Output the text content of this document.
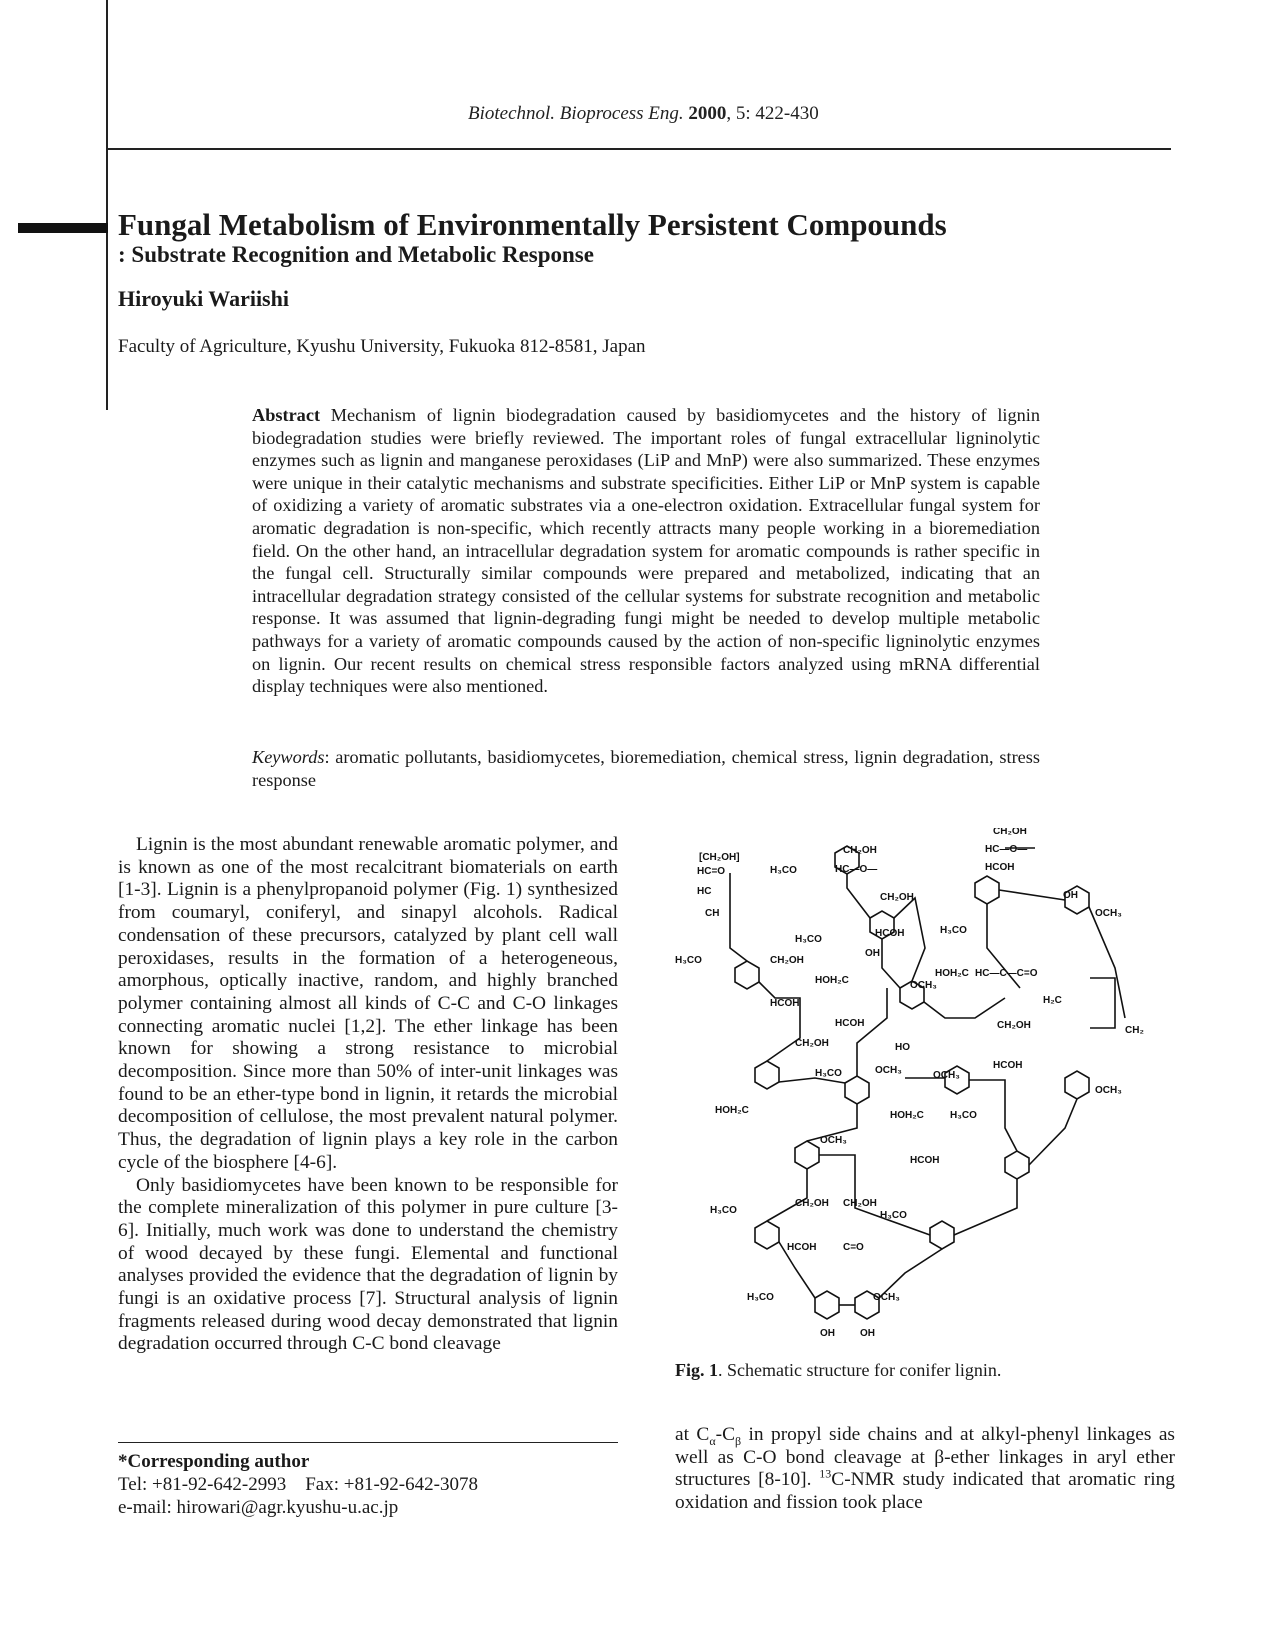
Biotechnol. Bioprocess Eng. 2000, 5: 422-430
Fungal Metabolism of Environmentally Persistent Compounds
: Substrate Recognition and Metabolic Response
Hiroyuki Wariishi
Faculty of Agriculture, Kyushu University, Fukuoka 812-8581, Japan

Abstract Mechanism of lignin biodegradation caused by basidiomycetes and the history of lignin biodegradation studies were briefly reviewed. The important roles of fungal extracellular ligninolytic enzymes such as lignin and manganese peroxidases (LiP and MnP) were also summarized. These enzymes were unique in their catalytic mechanisms and substrate specificities. Either LiP or MnP system is capable of oxidizing a variety of aromatic substrates via a one-electron oxidation. Extracellular fungal system for aromatic degradation is non-specific, which recently attracts many people working in a bioremediation field. On the other hand, an intracellular degradation system for aromatic compounds is rather specific in the fungal cell. Structurally similar compounds were prepared and metabolized, indicating that an intracellular degradation strategy consisted of the cellular systems for substrate recognition and metabolic response. It was assumed that lignin-degrading fungi might be needed to develop multiple metabolic pathways for a variety of aromatic compounds caused by the action of non-specific ligninolytic enzymes on lignin. Our recent results on chemical stress responsible factors analyzed using mRNA differential display techniques were also mentioned.

Keywords: aromatic pollutants, basidiomycetes, bioremediation, chemical stress, lignin degradation, stress response

Lignin is the most abundant renewable aromatic polymer, and is known as one of the most recalcitrant biomaterials on earth [1-3]. Lignin is a phenylpropanoid polymer (Fig. 1) synthesized from coumaryl, coniferyl, and sinapyl alcohols. Radical condensation of these precursors, catalyzed by plant cell wall peroxidases, results in the formation of a heterogeneous, amorphous, optically inactive, random, and highly branched polymer containing almost all kinds of C-C and C-O linkages connecting aromatic nuclei [1,2]. The ether linkage has been known for showing a strong resistance to microbial decomposition. Since more than 50% of inter-unit linkages was found to be an ether-type bond in lignin, it retards the microbial decomposition of cellulose, the most prevalent natural polymer. Thus, the degradation of lignin plays a key role in the carbon cycle of the biosphere [4-6].

Only basidiomycetes have been known to be responsible for the complete mineralization of this polymer in pure culture [3-6]. Initially, much work was done to understand the chemistry of wood decayed by these fungi. Elemental and functional analyses provided the evidence that the degradation of lignin by fungi is an oxidative process [7]. Structural analysis of lignin fragments released during wood decay demonstrated that lignin degradation occurred through C-C bond cleavage

*Corresponding author
Tel: +81-92-642-2993    Fax: +81-92-642-3078
e-mail: hirowari@agr.kyushu-u.ac.jp
CH₂OH
HC—O—
HCOH
[CH₂OH]
HC=O
HC
CH
H₃CO
H₃CO
CH₂OH
HC—O—
CH₂OH
HCOH
H₃CO
OH
CH₂OH
HCOH
HOH₂C	OCH₃
H₃CO
HOH₂C HC—C—C=O
OH
OCH₃
H₂C
CH₂
HCOH
CH₂OH
H₃CO	OCH₃
HO
OCH₃
CH₂OH
HCOH
OCH₃
HOH₂C
OCH₃
HOH₂C	H₃CO
HCOH
H₃CO
CH₂OH CH₂OH
H₃CO
HCOH	C=O
H₃CO	OCH₃
OH	OH
Fig. 1. Schematic structure for conifer lignin.

at $C_\alpha-C_\beta$ in propyl side chains and at alkyl-phenyl linkages as well as C-O bond cleavage at β-ether linkages in aryl ether structures [8-10]. $^{13}$C-NMR study indicated that aromatic ring oxidation and fission took place
